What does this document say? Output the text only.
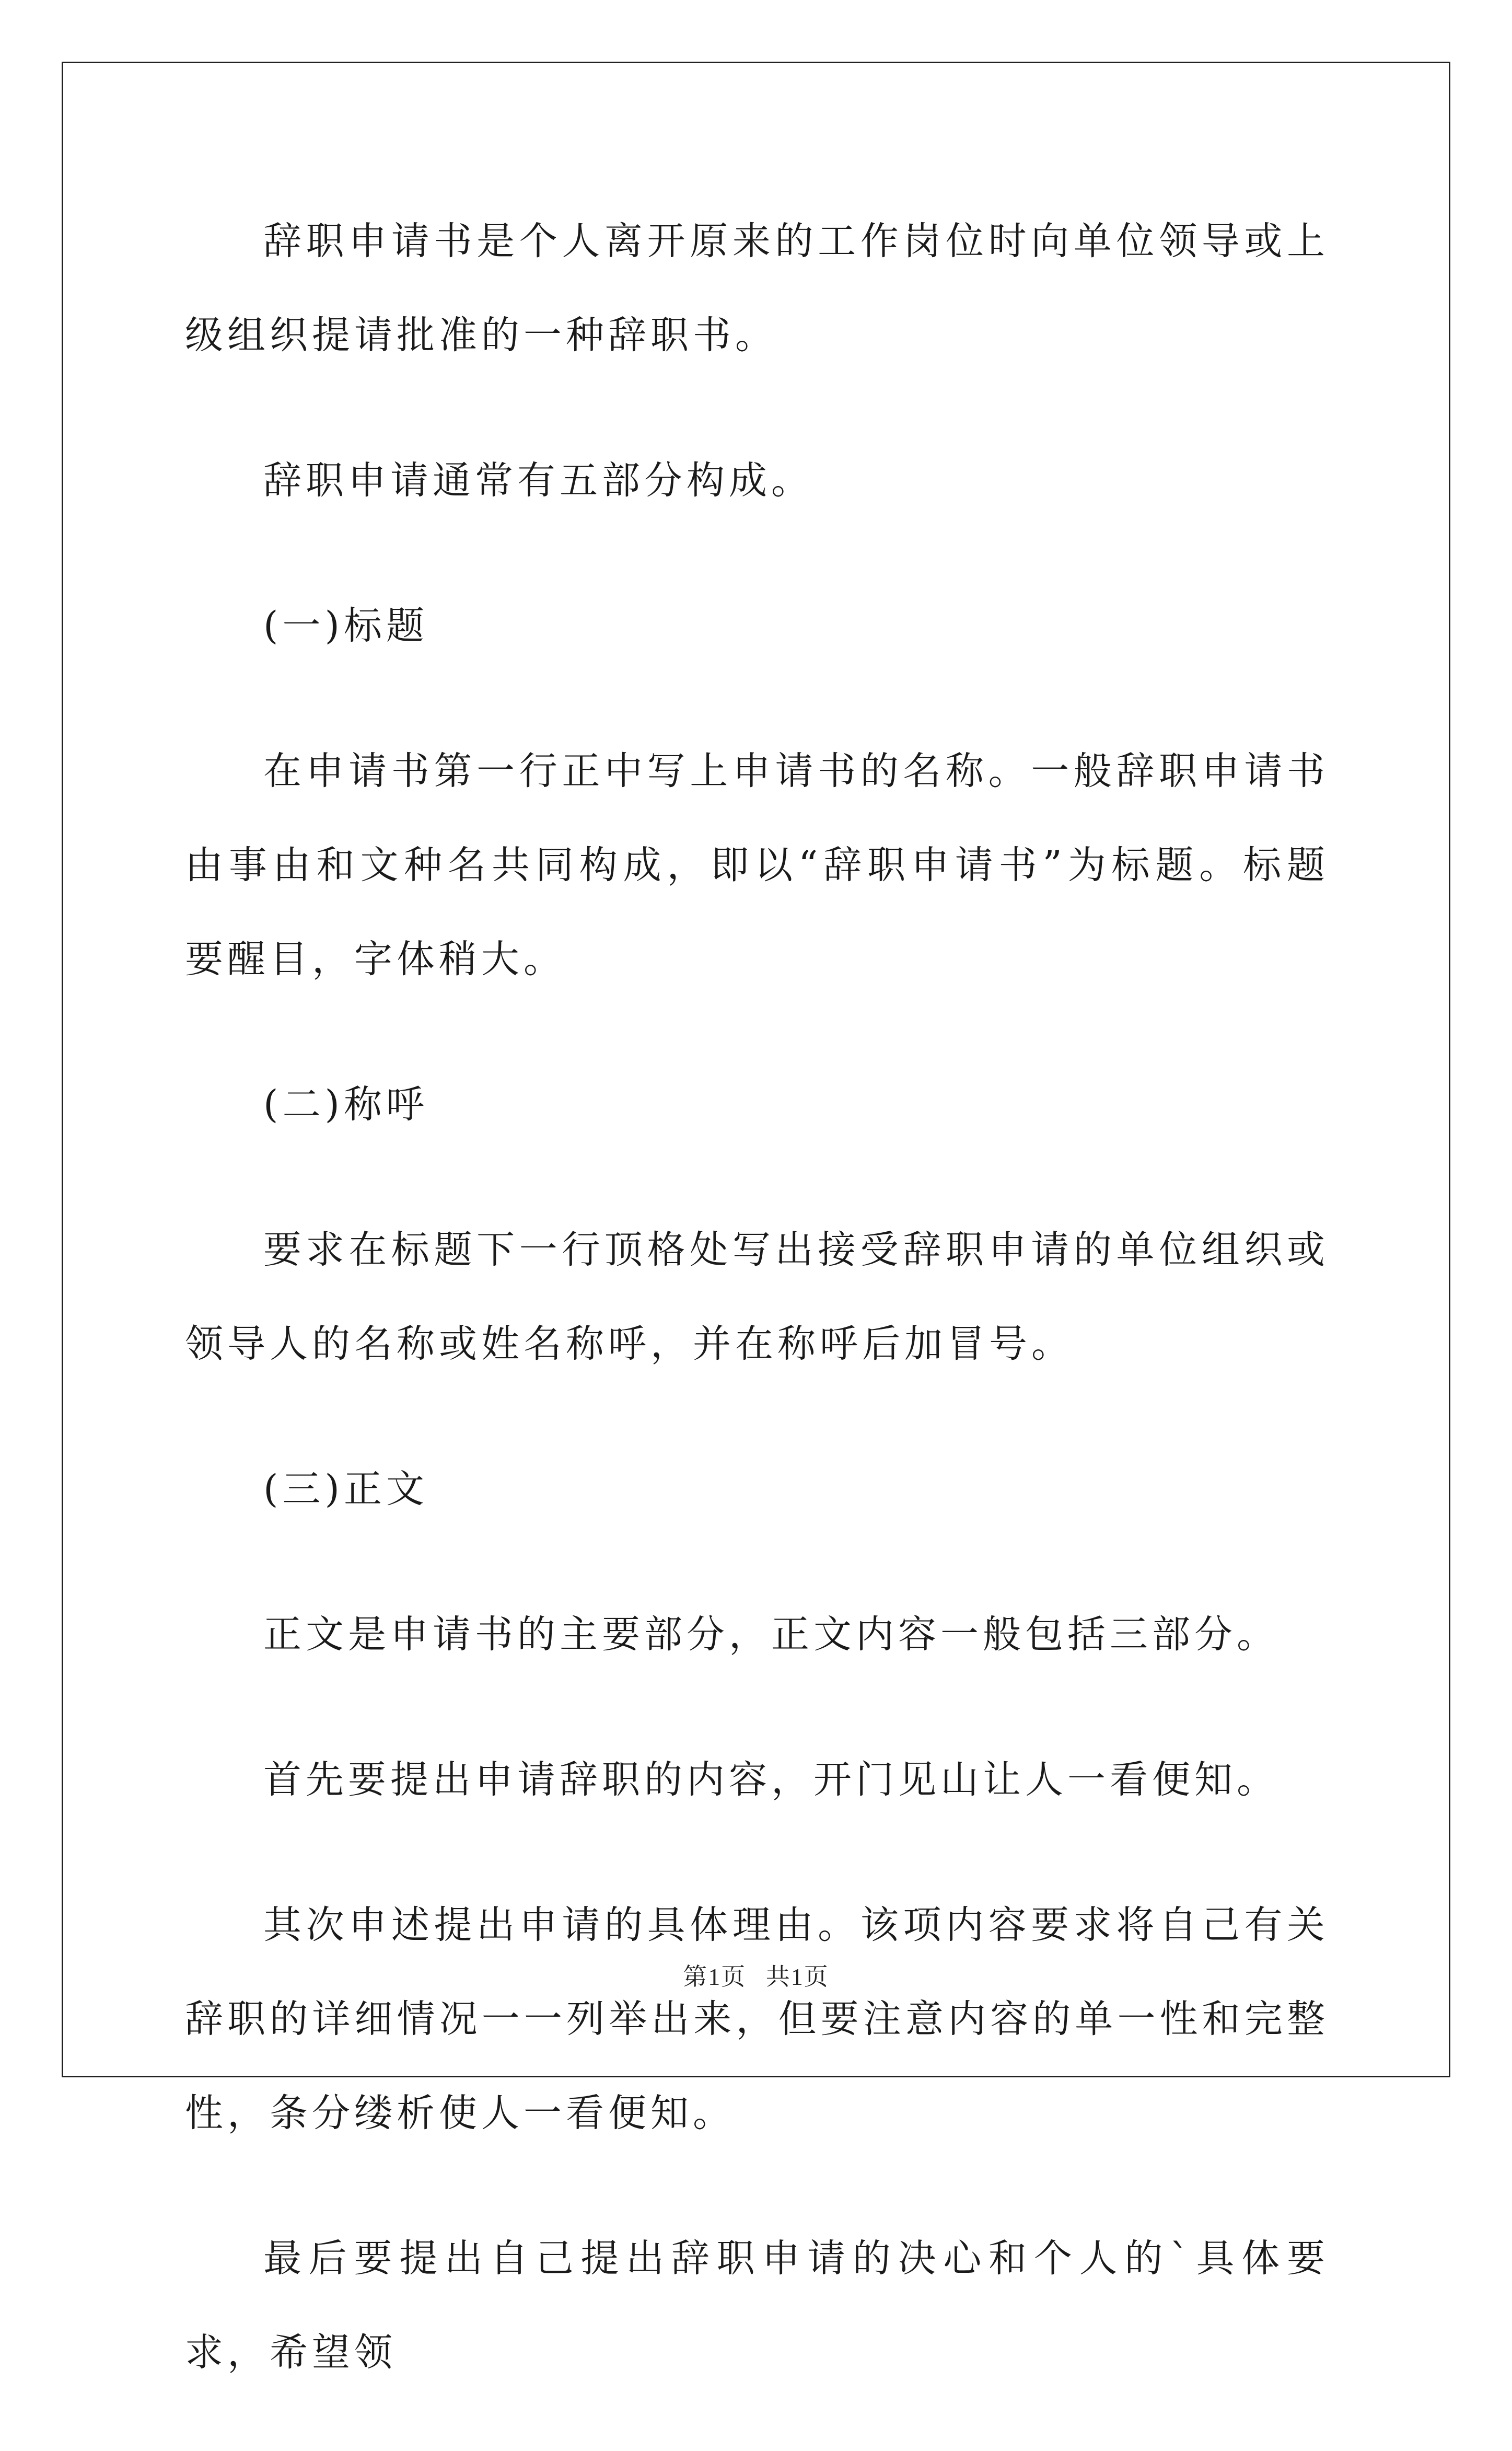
辞职申请书是个人离开原来的工作岗位时向单位领导或上级组织提请批准的一种辞职书。

辞职申请通常有五部分构成。

(一)标题

在申请书第一行正中写上申请书的名称。一般辞职申请书由事由和文种名共同构成，即以“辞职申请书”为标题。标题要醒目，字体稍大。

(二)称呼

要求在标题下一行顶格处写出接受辞职申请的单位组织或领导人的名称或姓名称呼，并在称呼后加冒号。

(三)正文

正文是申请书的主要部分，正文内容一般包括三部分。

首先要提出申请辞职的内容，开门见山让人一看便知。

其次申述提出申请的具体理由。该项内容要求将自己有关辞职的详细情况一一列举出来，但要注意内容的单一性和完整性，条分缕析使人一看便知。

最后要提出自己提出辞职申请的决心和个人的`具体要求，希望领

第1页 共1页
